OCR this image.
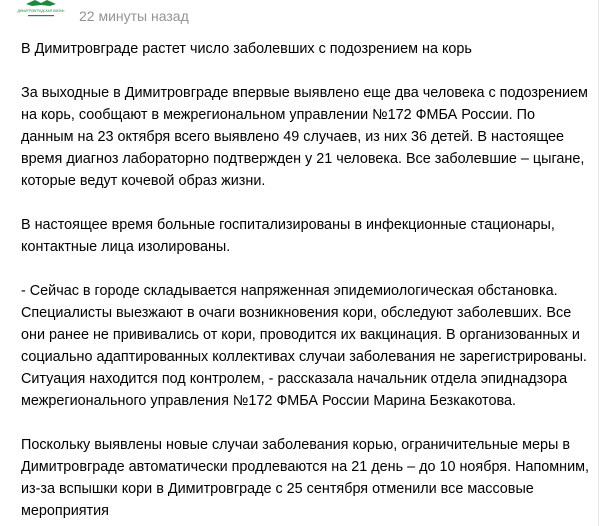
ДИМИТРОВГРАДСКАЯ ЖИЗНЬ 22 минуты назад

В Димитровграде растет число заболевших с подозрением на корь

За выходные в Димитровграде впервые выявлено еще два человека с подозрением на корь, сообщают в межрегиональном управлении №172 ФМБА России. По данным на 23 октября всего выявлено 49 случаев, из них 36 детей. В настоящее время диагноз лабораторно подтвержден у 21 человека. Все заболевшие – цыгане, которые ведут кочевой образ жизни.

В настоящее время больные госпитализированы в инфекционные стационары, контактные лица изолированы.

- Сейчас в городе складывается напряженная эпидемиологическая обстановка. Специалисты выезжают в очаги возникновения кори, обследуют заболевших. Все они ранее не прививались от кори, проводится их вакцинация. В организованных и социально адаптированных коллективах случаи заболевания не зарегистрированы. Ситуация находится под контролем, - рассказала начальник отдела эпиднадзора межрегионального управления №172 ФМБА России Марина Безкакотова.

Поскольку выявлены новые случаи заболевания корью, ограничительные меры в Димитровграде автоматически продлеваются на 21 день – до 10 ноября. Напомним, из-за вспышки кори в Димитровграде с 25 сентября отменили все массовые мероприятия
